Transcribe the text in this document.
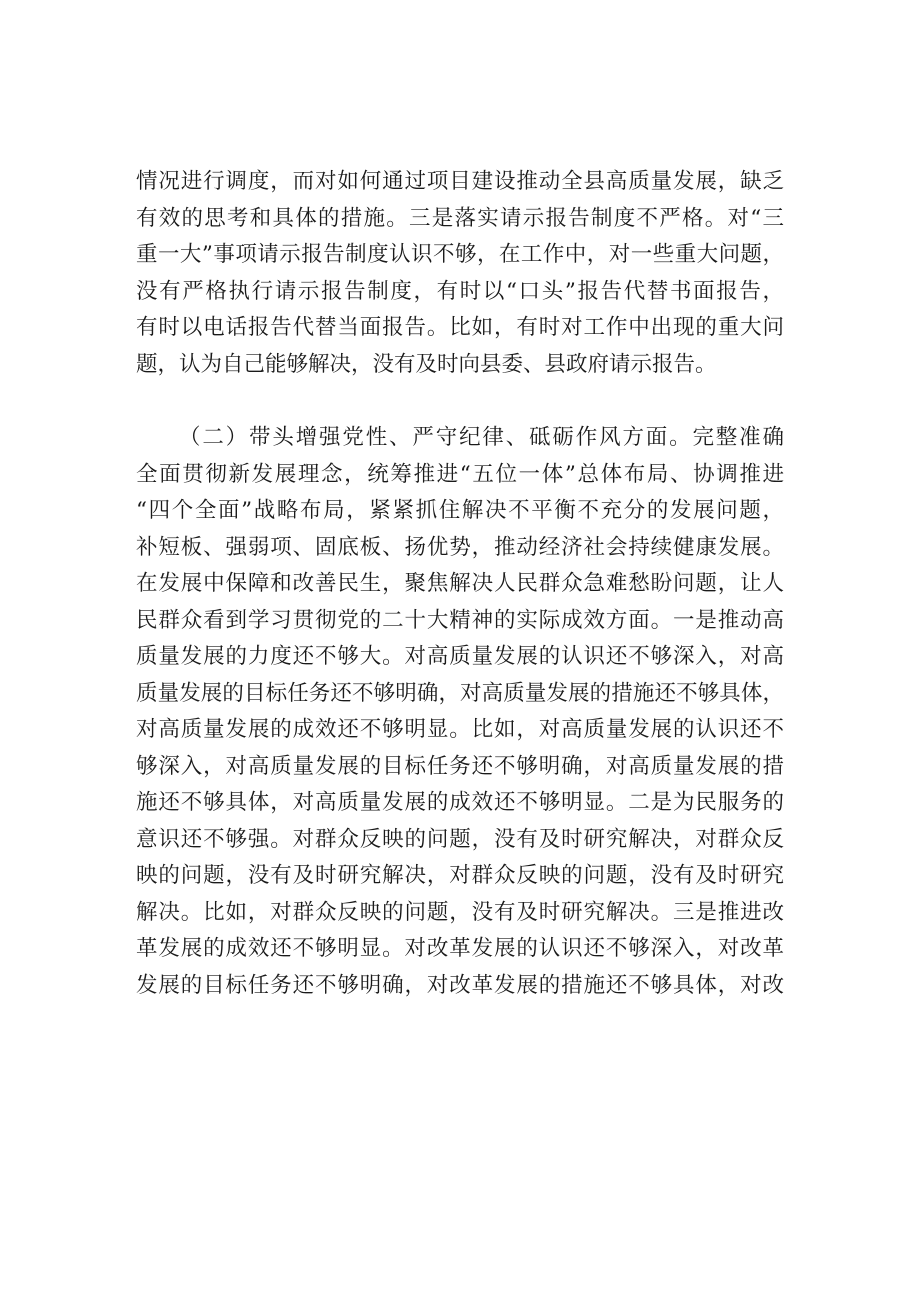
情况进行调度，而对如何通过项目建设推动全县高质量发展，缺乏
有效的思考和具体的措施。三是落实请示报告制度不严格。对“三
重一大”事项请示报告制度认识不够，在工作中，对一些重大问题，
没有严格执行请示报告制度，有时以“口头”报告代替书面报告，
有时以电话报告代替当面报告。比如，有时对工作中出现的重大问
题，认为自己能够解决，没有及时向县委、县政府请示报告。
（二）带头增强党性、严守纪律、砥砺作风方面。完整准确
全面贯彻新发展理念，统筹推进“五位一体”总体布局、协调推进
“四个全面”战略布局，紧紧抓住解决不平衡不充分的发展问题，
补短板、强弱项、固底板、扬优势，推动经济社会持续健康发展。
在发展中保障和改善民生，聚焦解决人民群众急难愁盼问题，让人
民群众看到学习贯彻党的二十大精神的实际成效方面。一是推动高
质量发展的力度还不够大。对高质量发展的认识还不够深入，对高
质量发展的目标任务还不够明确，对高质量发展的措施还不够具体，
对高质量发展的成效还不够明显。比如，对高质量发展的认识还不
够深入，对高质量发展的目标任务还不够明确，对高质量发展的措
施还不够具体，对高质量发展的成效还不够明显。二是为民服务的
意识还不够强。对群众反映的问题，没有及时研究解决，对群众反
映的问题，没有及时研究解决，对群众反映的问题，没有及时研究
解决。比如，对群众反映的问题，没有及时研究解决。三是推进改
革发展的成效还不够明显。对改革发展的认识还不够深入，对改革
发展的目标任务还不够明确，对改革发展的措施还不够具体，对改
